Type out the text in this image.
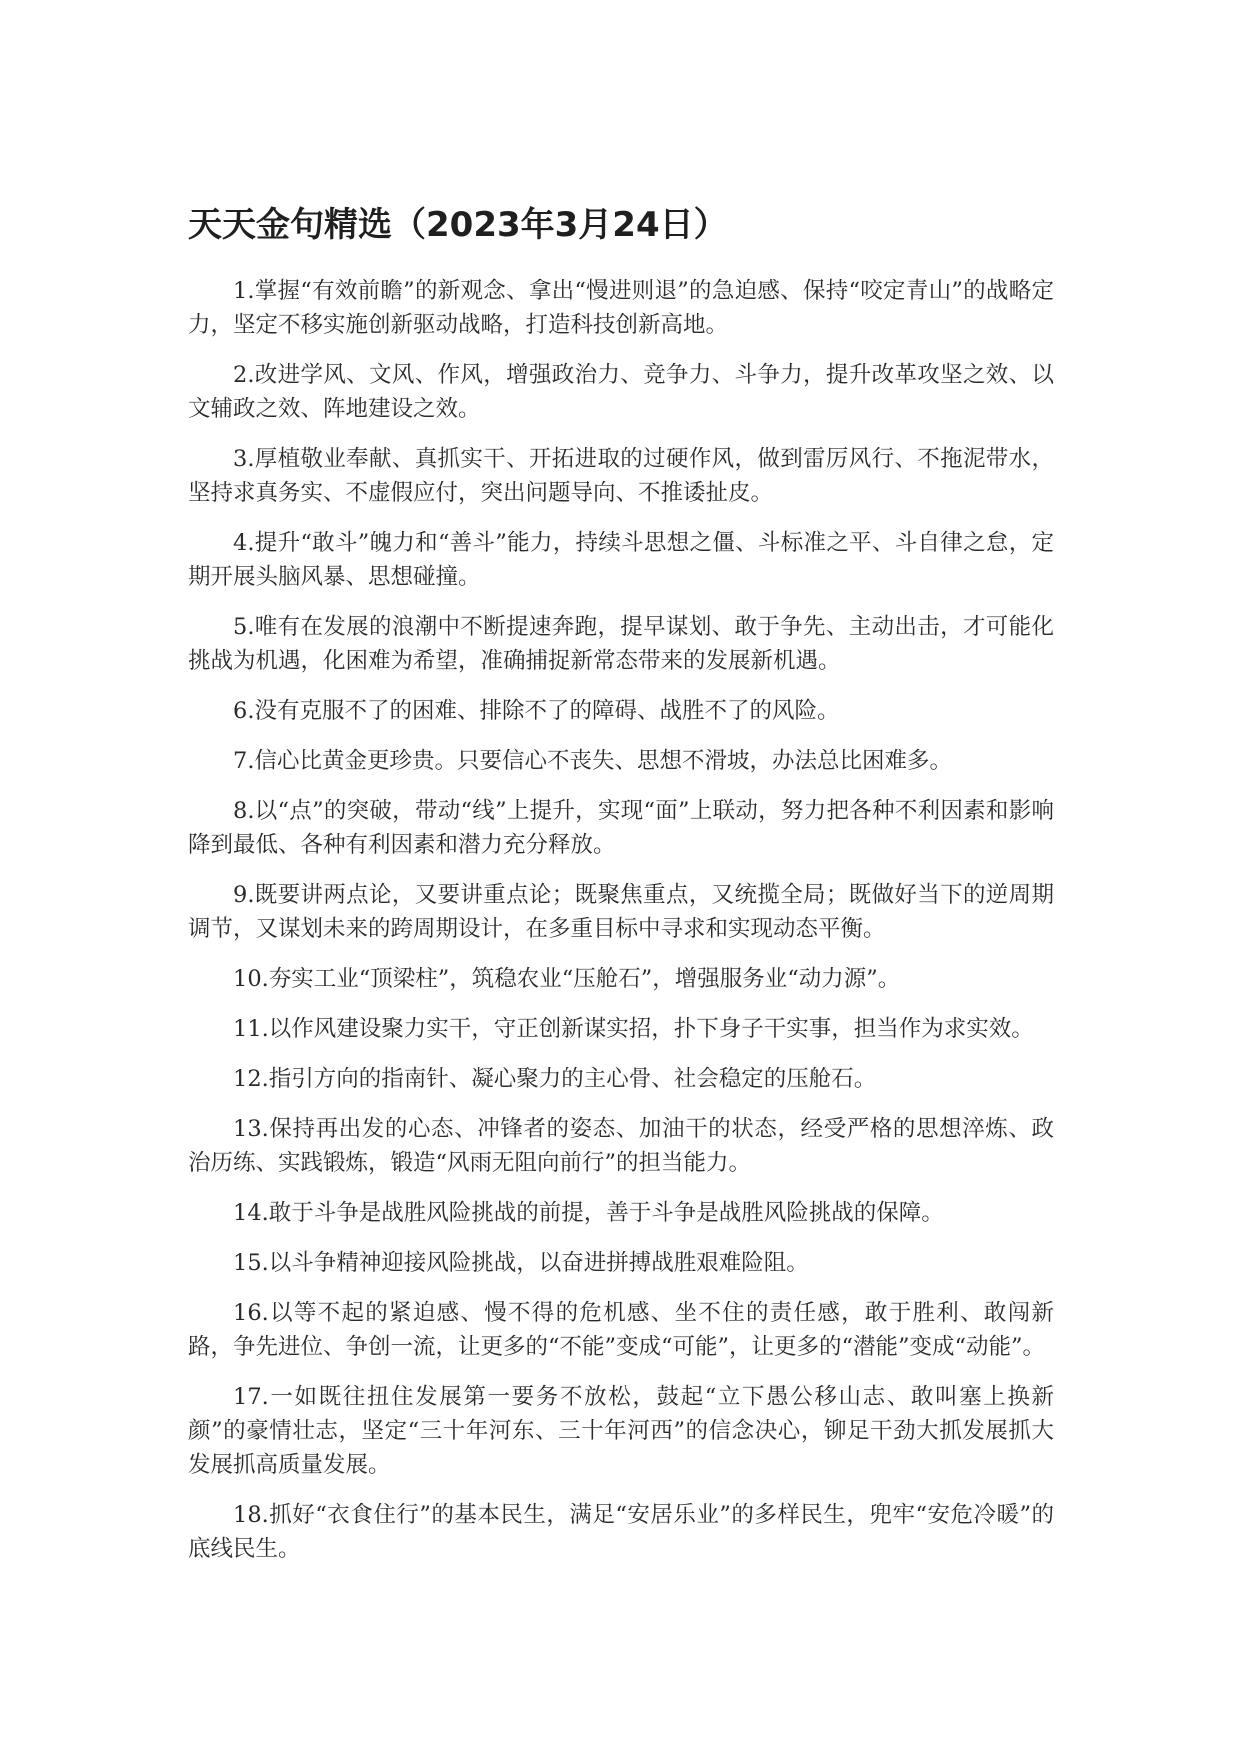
天天金句精选（2023年3月24日）

1.掌握“有效前瞻”的新观念、拿出“慢进则退”的急迫感、保持“咬定青山”的战略定力，坚定不移实施创新驱动战略，打造科技创新高地。

2.改进学风、文风、作风，增强政治力、竞争力、斗争力，提升改革攻坚之效、以文辅政之效、阵地建设之效。

3.厚植敬业奉献、真抓实干、开拓进取的过硬作风，做到雷厉风行、不拖泥带水，坚持求真务实、不虚假应付，突出问题导向、不推诿扯皮。

4.提升“敢斗”魄力和“善斗”能力，持续斗思想之僵、斗标准之平、斗自律之怠，定期开展头脑风暴、思想碰撞。

5.唯有在发展的浪潮中不断提速奔跑，提早谋划、敢于争先、主动出击，才可能化挑战为机遇，化困难为希望，准确捕捉新常态带来的发展新机遇。

6.没有克服不了的困难、排除不了的障碍、战胜不了的风险。

7.信心比黄金更珍贵。只要信心不丧失、思想不滑坡，办法总比困难多。

8.以“点”的突破，带动“线”上提升，实现“面”上联动，努力把各种不利因素和影响降到最低、各种有利因素和潜力充分释放。

9.既要讲两点论，又要讲重点论；既聚焦重点，又统揽全局；既做好当下的逆周期调节，又谋划未来的跨周期设计，在多重目标中寻求和实现动态平衡。

10.夯实工业“顶梁柱”，筑稳农业“压舱石”，增强服务业“动力源”。

11.以作风建设聚力实干，守正创新谋实招，扑下身子干实事，担当作为求实效。

12.指引方向的指南针、凝心聚力的主心骨、社会稳定的压舱石。

13.保持再出发的心态、冲锋者的姿态、加油干的状态，经受严格的思想淬炼、政治历练、实践锻炼，锻造“风雨无阻向前行”的担当能力。

14.敢于斗争是战胜风险挑战的前提，善于斗争是战胜风险挑战的保障。

15.以斗争精神迎接风险挑战，以奋进拼搏战胜艰难险阻。

16.以等不起的紧迫感、慢不得的危机感、坐不住的责任感，敢于胜利、敢闯新路，争先进位、争创一流，让更多的“不能”变成“可能”，让更多的“潜能”变成“动能”。

17.一如既往扭住发展第一要务不放松，鼓起“立下愚公移山志、敢叫塞上换新颜”的豪情壮志，坚定“三十年河东、三十年河西”的信念决心，铆足干劲大抓发展抓大发展抓高质量发展。

18.抓好“衣食住行”的基本民生，满足“安居乐业”的多样民生，兜牢“安危冷暖”的底线民生。
